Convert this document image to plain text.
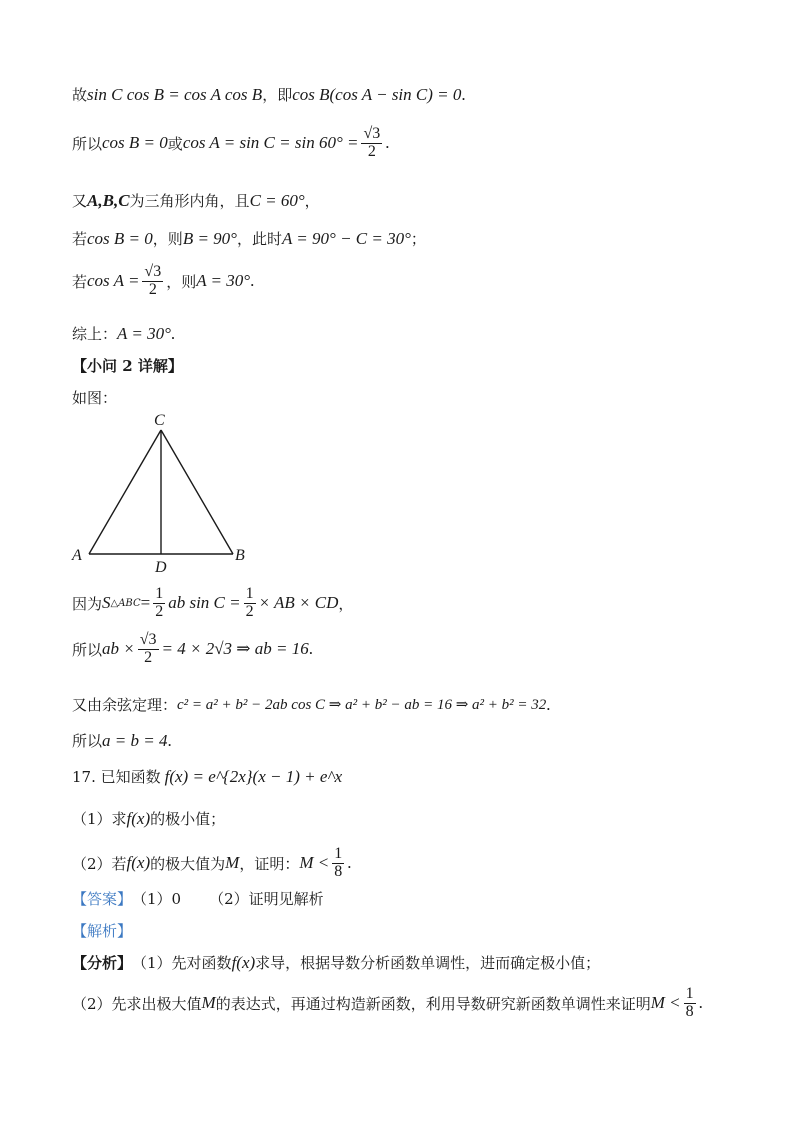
故 sin C cos B = cos A cos B ，即 cos B(cos A − sin C) = 0 .
所以 cos B = 0 或 $\cos A = \sin C = \sin 60^\circ = \frac{√3}{2}$ .
又 A,B,C 为三角形内角，且 C = 60° ，
若 cos B = 0 ，则 B = 90° ，此时 A = 90° − C = 30° ；
若 $\cos A = \frac{√3}{2}$ ，则 A = 30° .
综上： A = 30° .
【小问 2 详解】
如图：
C
A	B
D
因为 S △ABC = $\frac{1}{2}$ ab $\sin C = \frac{1}{2}$ × AB × CD ，
所以 ab × $\frac{√3}{2} = 4 \times 2√3$ ⇒ ab = 16 .
又由余弦定理： c² = a² + b² − 2ab cos C ⇒ a² + b² − ab = 16 ⇒ a² + b² = 32 .
所以 a = b = 4 .
17. 已知函数 f(x) = e^{2x}(x − 1) + e^x
（1）求 f(x) 的极小值；
（2）若 f(x) 的极大值为 M ，证明： $M < \frac{1}{8}$ .
【答案】 （1）0 （2）证明见解析
【解析】
【分析】 （1）先对函数 f(x) 求导，根据导数分析函数单调性，进而确定极小值；
（2）先求出极大值 M 的表达式，再通过构造新函数，利用导数研究新函数单调性来证明 $M < \frac{1}{8}$ .
